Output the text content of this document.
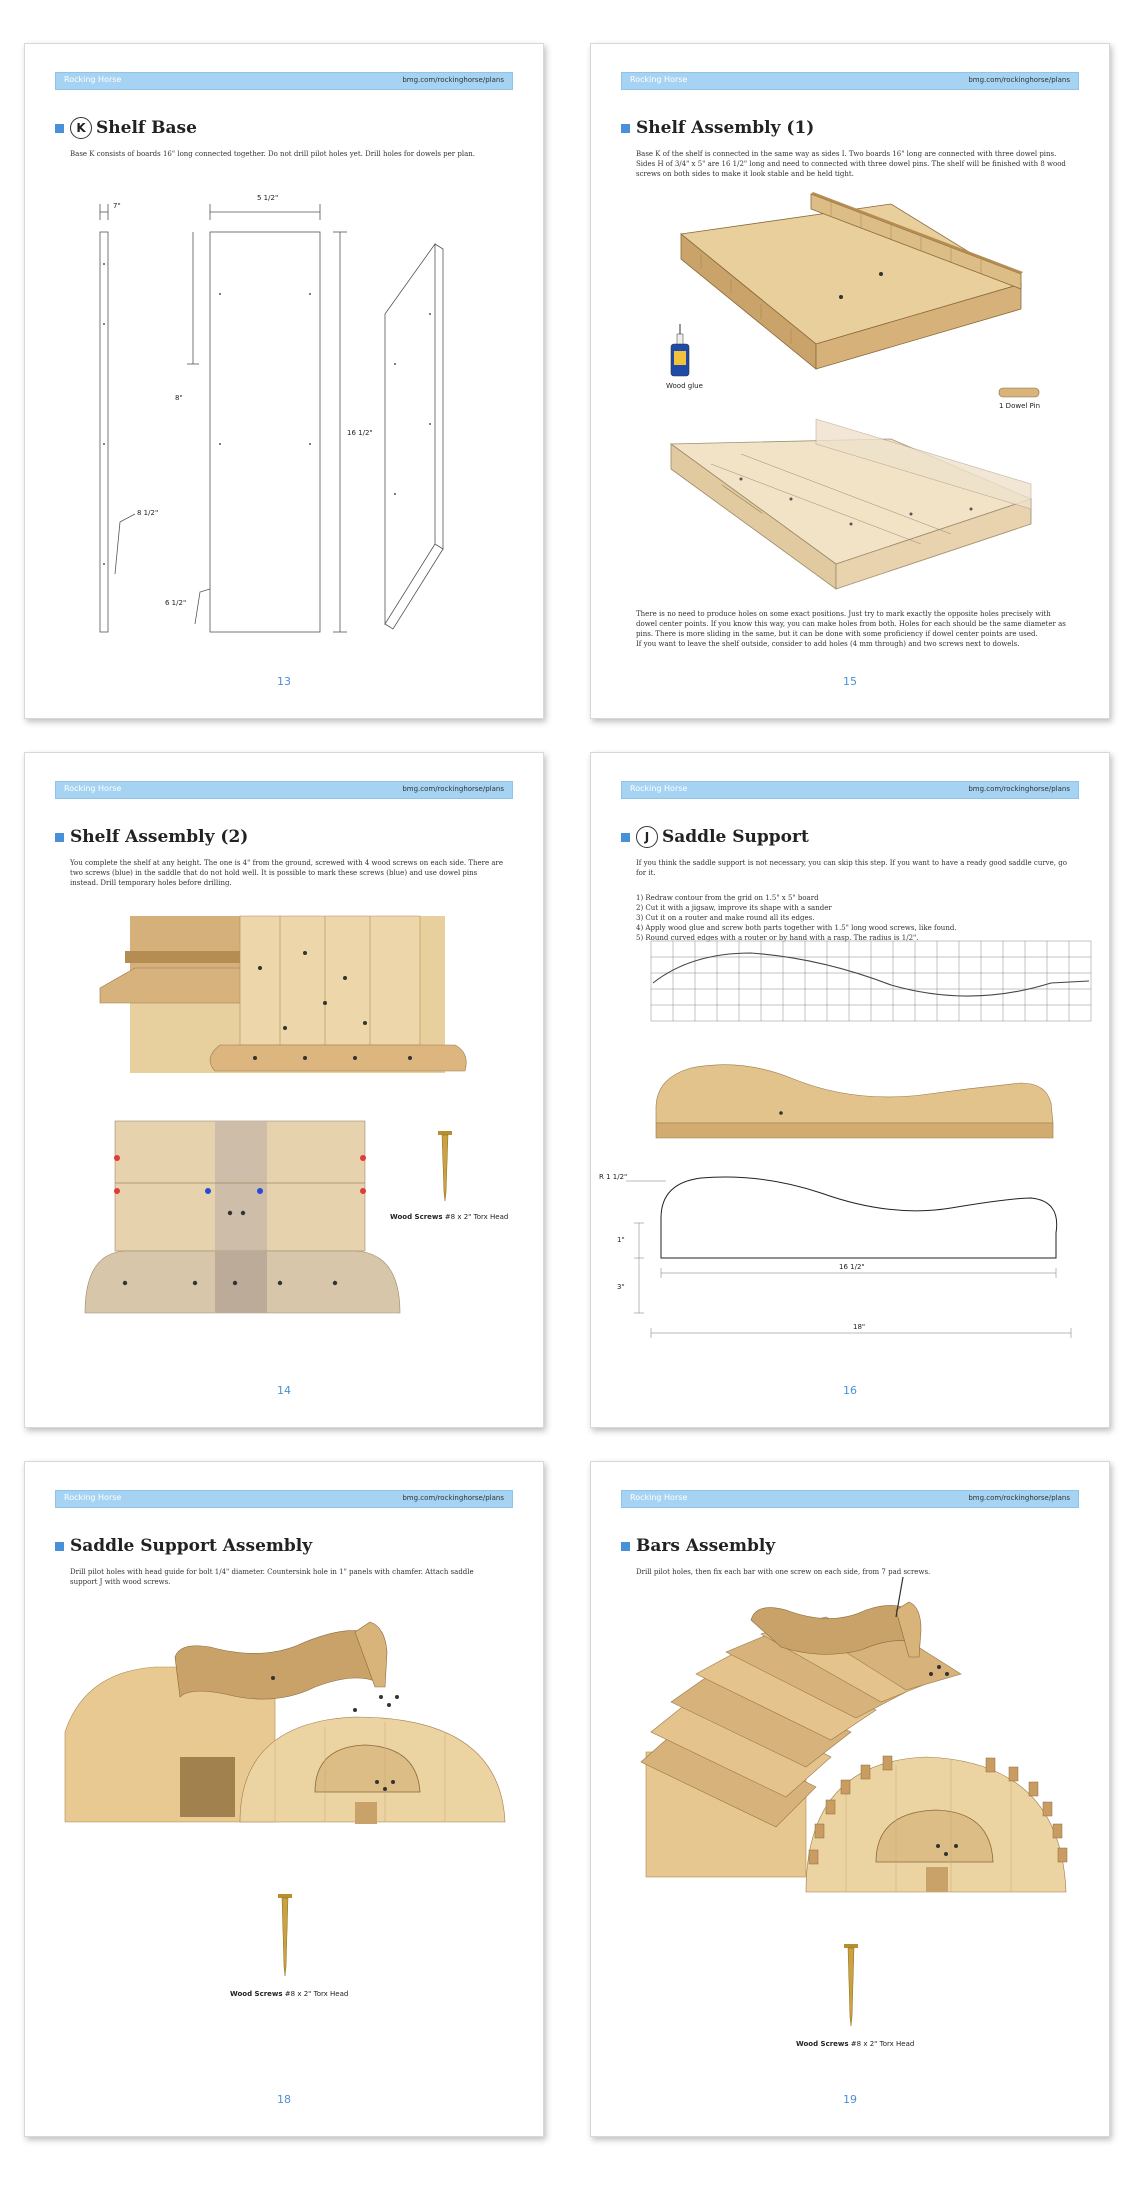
Rocking Horse	bmg.com/rockinghorse/plans
K Shelf Base
Base K consists of boards 16" long connected together. Do not drill pilot holes yet. Drill holes for dowels per plan.
7"
5 1/2"
8"
16 1/2"
8 1/2"
6 1/2"
13
Rocking Horse	bmg.com/rockinghorse/plans
Shelf Assembly (1)
Base K of the shelf is connected in the same way as sides I. Two boards 16" long are connected with three dowel pins. Sides H of 3/4" x 5" are 16 1/2" long and need to connected with three dowel pins. The shelf will be finished with 8 wood screws on both sides to make it look stable and be held tight.
Wood glue
1 Dowel Pin
There is no need to produce holes on some exact positions. Just try to mark exactly the opposite holes precisely with dowel center points. If you know this way, you can make holes from both. Holes for each should be the same diameter as pins. There is more sliding in the same, but it can be done with some proficiency if dowel center points are used.
If you want to leave the shelf outside, consider to add holes (4 mm through) and two screws next to dowels.
15
Rocking Horse	bmg.com/rockinghorse/plans
Shelf Assembly (2)
You complete the shelf at any height. The one is 4" from the ground, screwed with 4 wood screws on each side. There are two screws (blue) in the saddle that do not hold well. It is possible to mark these screws (blue) and use dowel pins instead. Drill temporary holes before drilling.
Wood Screws #8 x 2" Torx Head
14
Rocking Horse	bmg.com/rockinghorse/plans
J Saddle Support
If you think the saddle support is not necessary, you can skip this step. If you want to have a ready good saddle curve, go for it.
1) Redraw contour from the grid on 1.5" x 5" board
2) Cut it with a jigsaw, improve its shape with a sander
3) Cut it on a router and make round all its edges.
4) Apply wood glue and screw both parts together with 1.5" long wood screws, like found.
5) Round curved edges with a router or by hand with a rasp. The radius is 1/2".
R 1 1/2"
16 1/2"
18"
1"
3"
16
Rocking Horse	bmg.com/rockinghorse/plans
Saddle Support Assembly
Drill pilot holes with head guide for bolt 1/4" diameter. Countersink hole in 1" panels with chamfer. Attach saddle support J with wood screws.
Wood Screws #8 x 2" Torx Head
18
Rocking Horse	bmg.com/rockinghorse/plans
Bars Assembly
Drill pilot holes, then fix each bar with one screw on each side, from 7 pad screws.
Wood Screws #8 x 2" Torx Head
19
